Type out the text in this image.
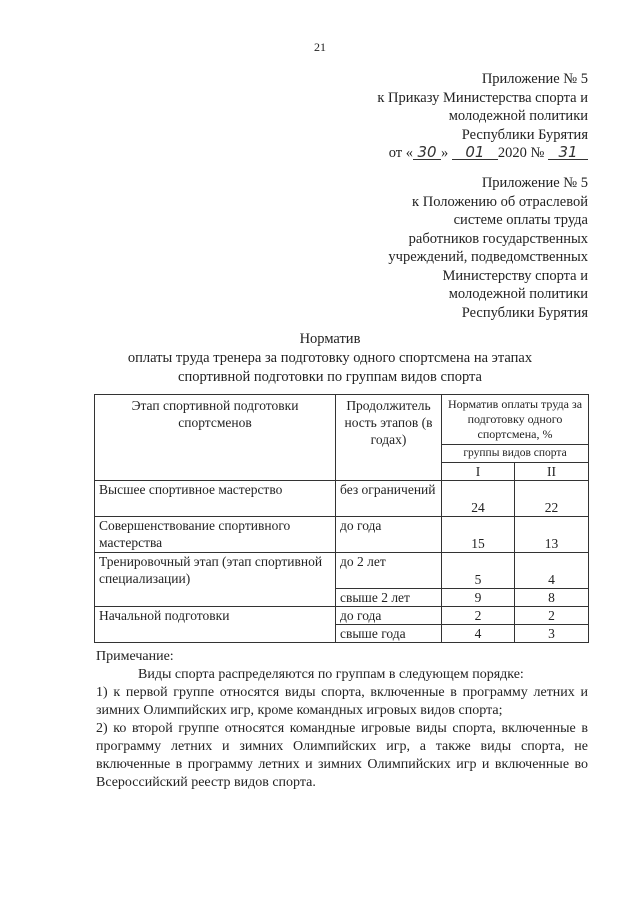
21
Приложение № 5
к Приказу Министерства спорта и
молодежной политики
Республики Бурятия
от « 30 » 01 2020 № 31
Приложение № 5
к Положению об отраслевой
системе оплаты труда
работников государственных
учреждений, подведомственных
Министерству спорта и
молодежной политики
Республики Бурятия
Норматив
оплаты труда тренера за подготовку одного спортсмена на этапах
спортивной подготовки по группам видов спорта
Этап спортивной подготовки спортсменов	Продолжитель ность этапов (в годах)	Норматив оплаты труда за подготовку одного спортсмена, %	
		группы видов спорта	
		I	II
Высшее спортивное мастерство	без ограничений	24	22
Совершенствование спортивного мастерства	до года	15	13
Тренировочный этап (этап спортивной специализации)	до 2 лет	5	4
	свыше 2 лет	9	8
Начальной подготовки	до года	2	2
	свыше года	4	3

Примечание:

Виды спорта распределяются по группам в следующем порядке:

1) к первой группе относятся виды спорта, включенные в программу летних и зимних Олимпийских игр, кроме командных игровых видов спорта;

2) ко второй группе относятся командные игровые виды спорта, включенные в программу летних и зимних Олимпийских игр, а также виды спорта, не включенные в программу летних и зимних Олимпийских игр и включенные во Всероссийский реестр видов спорта.
